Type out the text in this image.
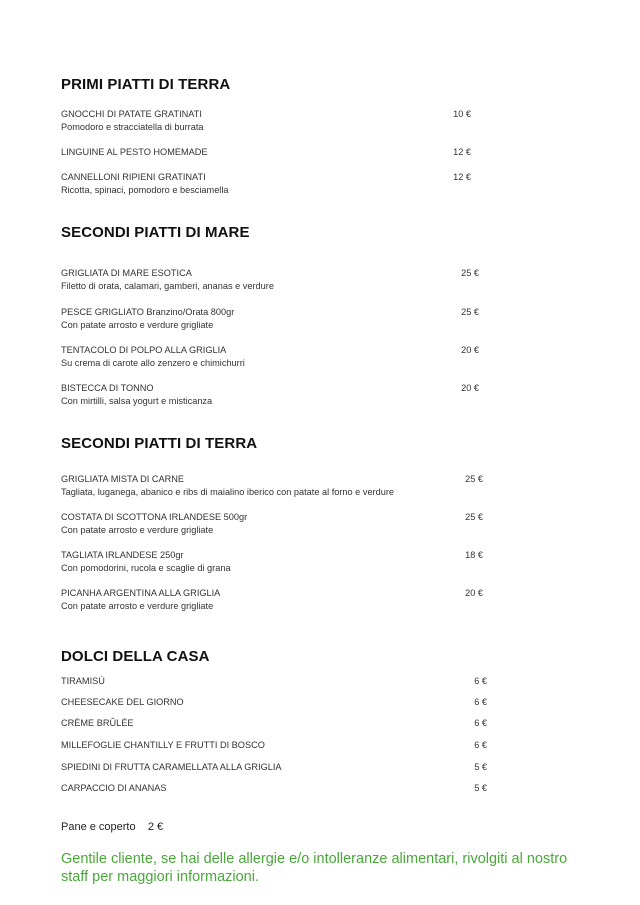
PRIMI PIATTI DI TERRA
GNOCCHI DI PATATE GRATINATI
Pomodoro e stracciatella di burrata
10 €
LINGUINE AL PESTO HOMEMADE	12 €
CANNELLONI RIPIENI GRATINATI
Ricotta, spinaci, pomodoro e besciamella
12 €
SECONDI PIATTI DI MARE
GRIGLIATA DI MARE ESOTICA
Filetto di orata, calamari, gamberi, ananas e verdure
25 €
PESCE GRIGLIATO Branzino/Orata 800gr
Con patate arrosto e verdure grigliate
25 €
TENTACOLO DI POLPO ALLA GRIGLIA
Su crema di carote allo zenzero e chimichurri
20 €
BISTECCA DI TONNO
Con mirtilli, salsa yogurt e misticanza
20 €
SECONDI PIATTI DI TERRA
GRIGLIATA MISTA DI CARNE
Tagliata, luganega, abanico e ribs di maialino iberico con patate al forno e verdure
25 €
COSTATA DI SCOTTONA IRLANDESE 500gr
Con patate arrosto e verdure grigliate
25 €
TAGLIATA IRLANDESE 250gr
Con pomodorini, rucola e scaglie di grana
18 €
PICANHA ARGENTINA ALLA GRIGLIA
Con patate arrosto e verdure grigliate
20 €
DOLCI DELLA CASA
TIRAMISÙ	6 €
CHEESECAKE DEL GIORNO	6 €
CRÈME BRÛLÉE	6 €
MILLEFOGLIE CHANTILLY E FRUTTI DI BOSCO	6 €
SPIEDINI DI FRUTTA CARAMELLATA ALLA GRIGLIA	5 €
CARPACCIO DI ANANAS	5 €
Pane e coperto 2 €
Gentile cliente, se hai delle allergie e/o intolleranze alimentari, rivolgiti al nostro staff per maggiori informazioni.
